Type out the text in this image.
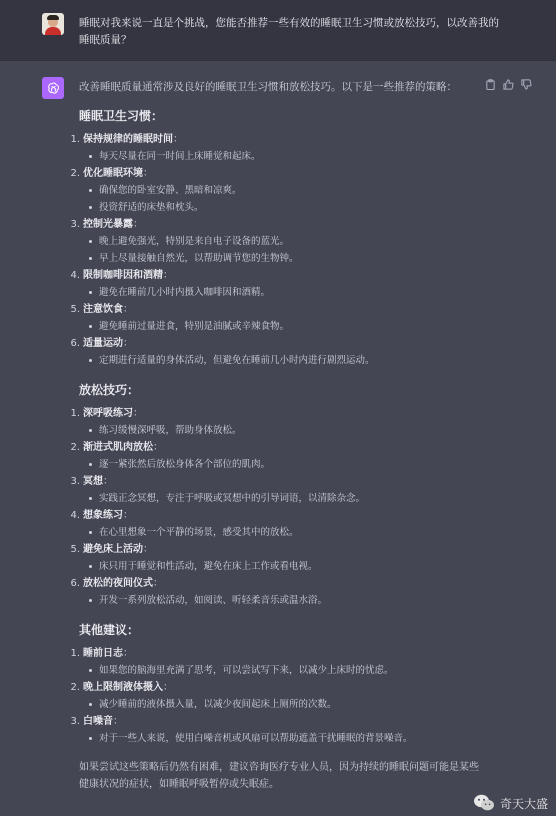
睡眠对我来说一直是个挑战，您能否推荐一些有效的睡眠卫生习惯或放松技巧，以改善我的睡眠质量？
改善睡眠质量通常涉及良好的睡眠卫生习惯和放松技巧。以下是一些推荐的策略：
睡眠卫生习惯：
1. 保持规律的睡眠时间：
每天尽量在同一时间上床睡觉和起床。
2. 优化睡眠环境：
确保您的卧室安静、黑暗和凉爽。
投资舒适的床垫和枕头。
3. 控制光暴露：
晚上避免强光，特别是来自电子设备的蓝光。
早上尽量接触自然光，以帮助调节您的生物钟。
4. 限制咖啡因和酒精：
避免在睡前几小时内摄入咖啡因和酒精。
5. 注意饮食：
避免睡前过量进食，特别是油腻或辛辣食物。
6. 适量运动：
定期进行适量的身体活动，但避免在睡前几小时内进行剧烈运动。
放松技巧：
1. 深呼吸练习：
练习缓慢深呼吸，帮助身体放松。
2. 渐进式肌肉放松：
逐一紧张然后放松身体各个部位的肌肉。
3. 冥想：
实践正念冥想，专注于呼吸或冥想中的引导词语，以清除杂念。
4. 想象练习：
在心里想象一个平静的场景，感受其中的放松。
5. 避免床上活动：
床只用于睡觉和性活动，避免在床上工作或看电视。
6. 放松的夜间仪式：
开发一系列放松活动，如阅读、听轻柔音乐或温水浴。
其他建议：
1. 睡前日志：
如果您的脑海里充满了思考，可以尝试写下来，以减少上床时的忧虑。
2. 晚上限制液体摄入：
减少睡前的液体摄入量，以减少夜间起床上厕所的次数。
3. 白噪音：
对于一些人来说，使用白噪音机或风扇可以帮助遮盖干扰睡眠的背景噪音。
如果尝试这些策略后仍然有困难，建议咨询医疗专业人员，因为持续的睡眠问题可能是某些健康状况的症状，如睡眠呼吸暂停或失眠症。
奇天大盛
